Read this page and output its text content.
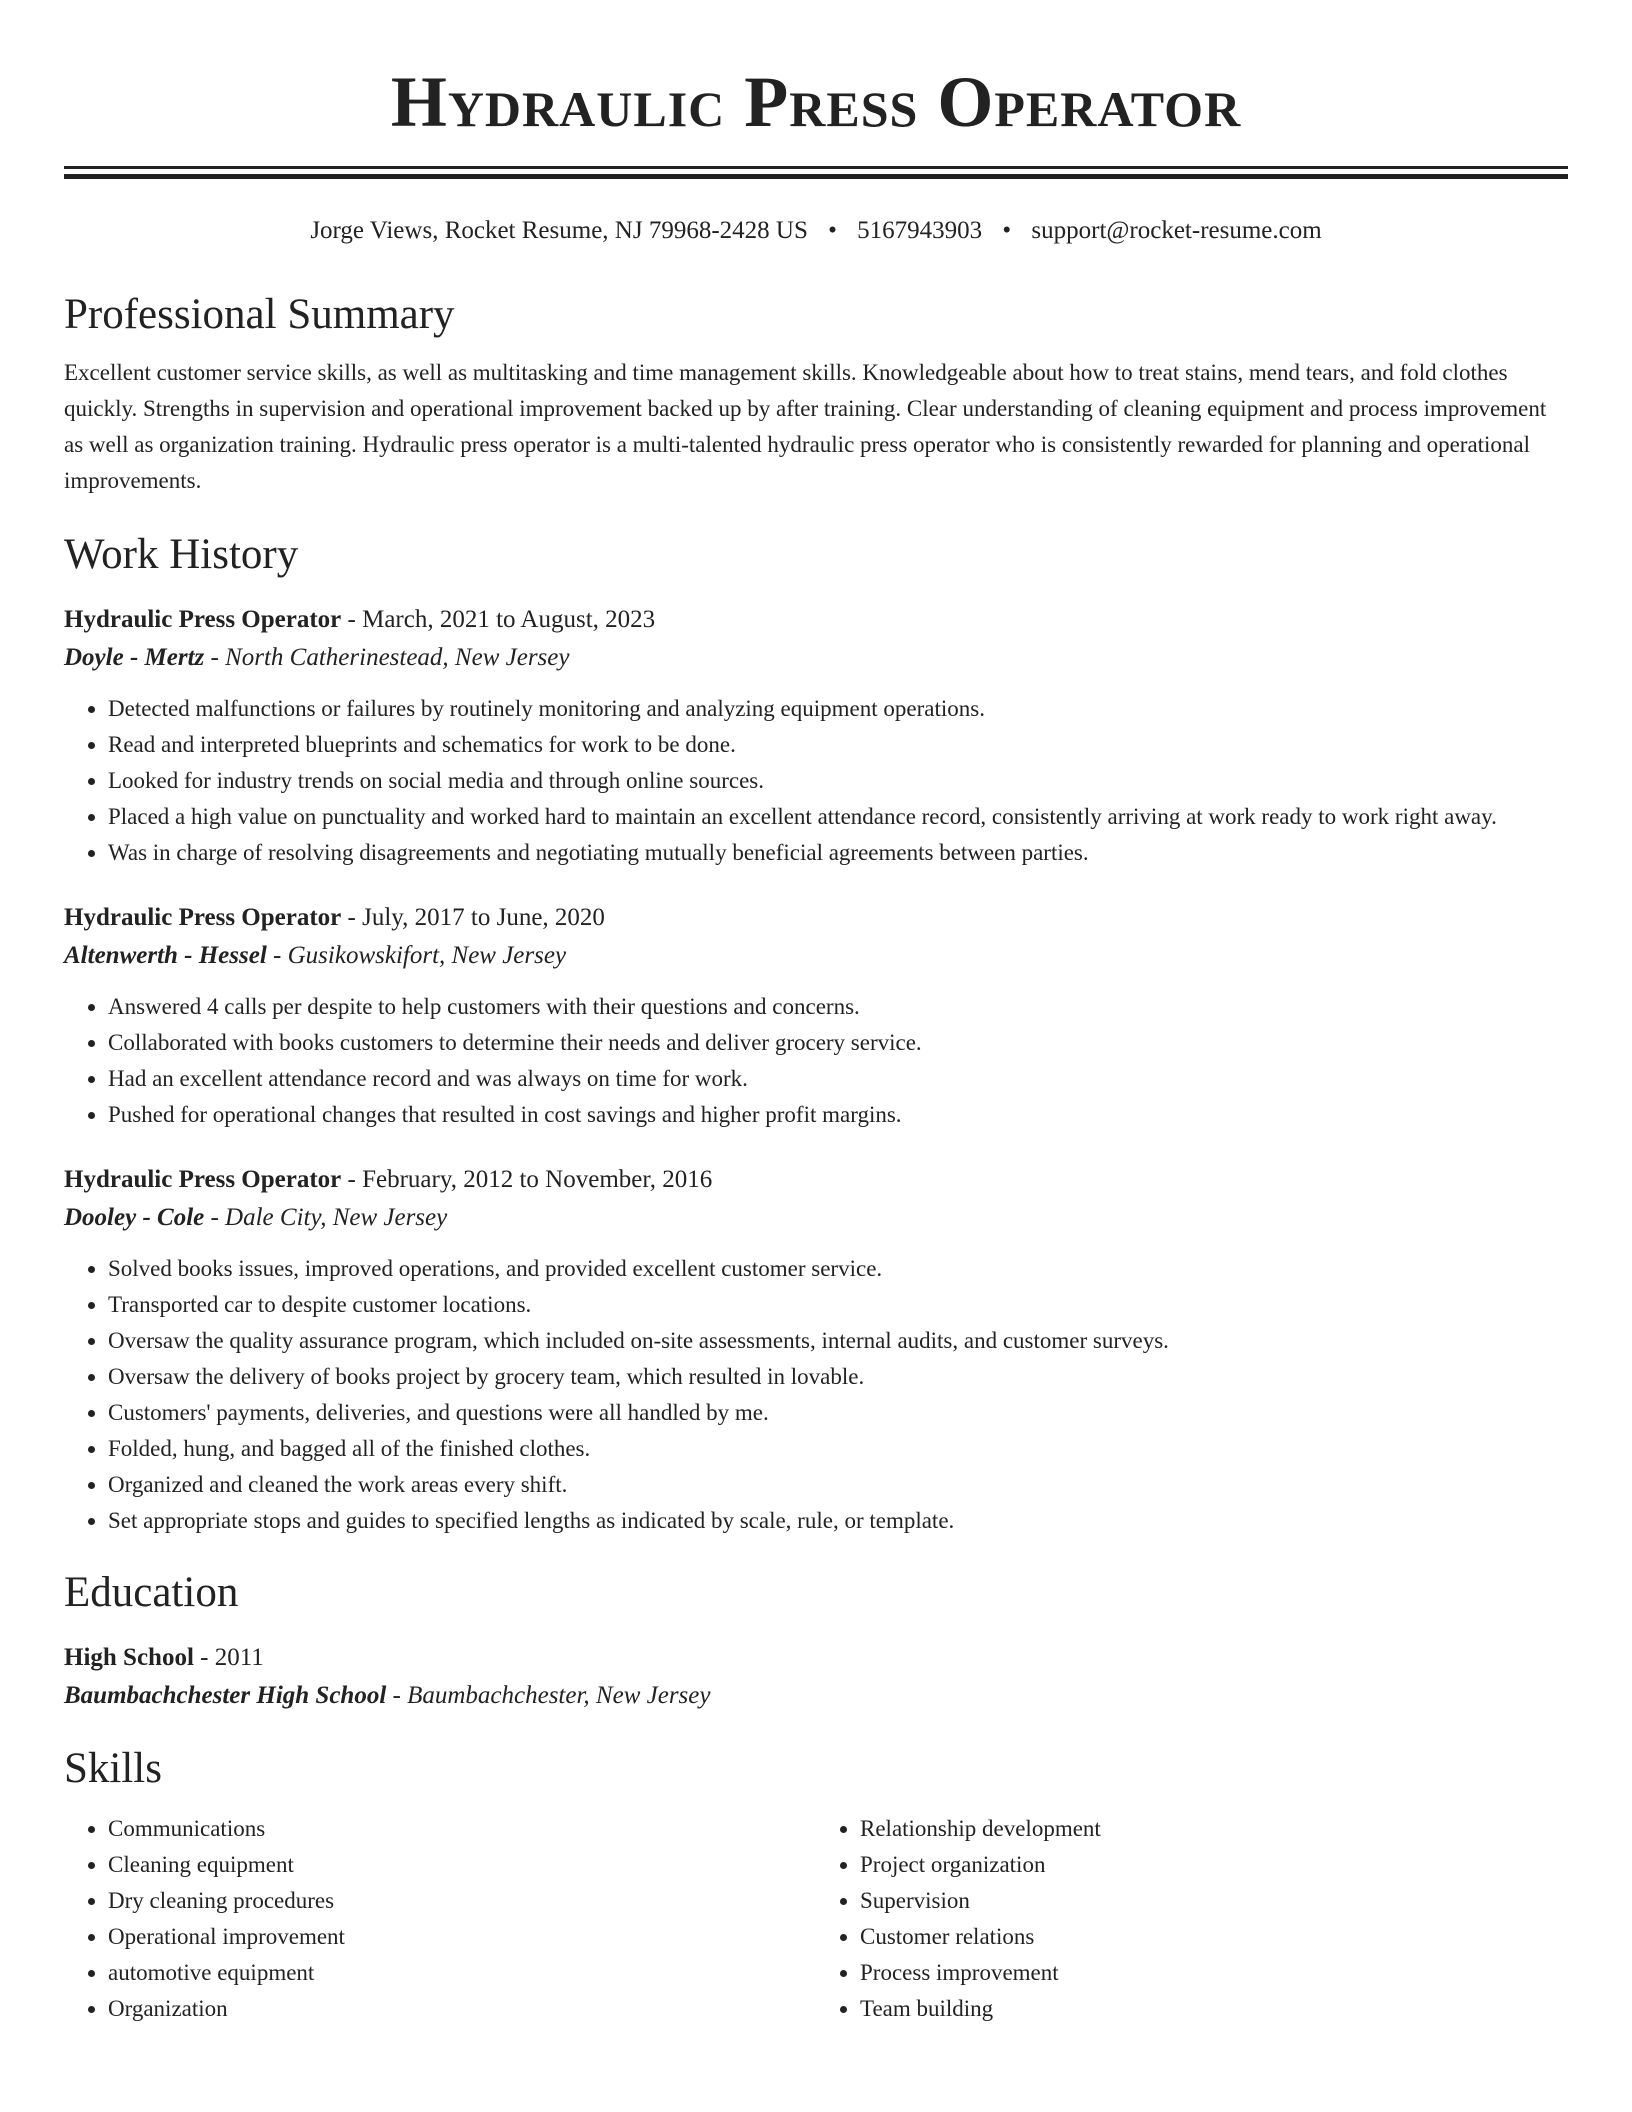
Hydraulic Press Operator
Jorge Views, Rocket Resume, NJ 79968-2428 US • 5167943903 • support@rocket-resume.com
Professional Summary
Excellent customer service skills, as well as multitasking and time management skills. Knowledgeable about how to treat stains, mend tears, and fold clothes quickly. Strengths in supervision and operational improvement backed up by after training. Clear understanding of cleaning equipment and process improvement as well as organization training. Hydraulic press operator is a multi-talented hydraulic press operator who is consistently rewarded for planning and operational improvements.
Work History
Hydraulic Press Operator - March, 2021 to August, 2023
Doyle - Mertz - North Catherinestead, New Jersey
• Detected malfunctions or failures by routinely monitoring and analyzing equipment operations.
• Read and interpreted blueprints and schematics for work to be done.
• Looked for industry trends on social media and through online sources.
• Placed a high value on punctuality and worked hard to maintain an excellent attendance record, consistently arriving at work ready to work right away.
• Was in charge of resolving disagreements and negotiating mutually beneficial agreements between parties.
Hydraulic Press Operator - July, 2017 to June, 2020
Altenwerth - Hessel - Gusikowskifort, New Jersey
• Answered 4 calls per despite to help customers with their questions and concerns.
• Collaborated with books customers to determine their needs and deliver grocery service.
• Had an excellent attendance record and was always on time for work.
• Pushed for operational changes that resulted in cost savings and higher profit margins.
Hydraulic Press Operator - February, 2012 to November, 2016
Dooley - Cole - Dale City, New Jersey
• Solved books issues, improved operations, and provided excellent customer service.
• Transported car to despite customer locations.
• Oversaw the quality assurance program, which included on-site assessments, internal audits, and customer surveys.
• Oversaw the delivery of books project by grocery team, which resulted in lovable.
• Customers' payments, deliveries, and questions were all handled by me.
• Folded, hung, and bagged all of the finished clothes.
• Organized and cleaned the work areas every shift.
• Set appropriate stops and guides to specified lengths as indicated by scale, rule, or template.
Education
High School - 2011
Baumbachchester High School - Baumbachchester, New Jersey
Skills
• Communications
• Cleaning equipment
• Dry cleaning procedures
• Operational improvement
• automotive equipment
• Organization
• Relationship development
• Project organization
• Supervision
• Customer relations
• Process improvement
• Team building
